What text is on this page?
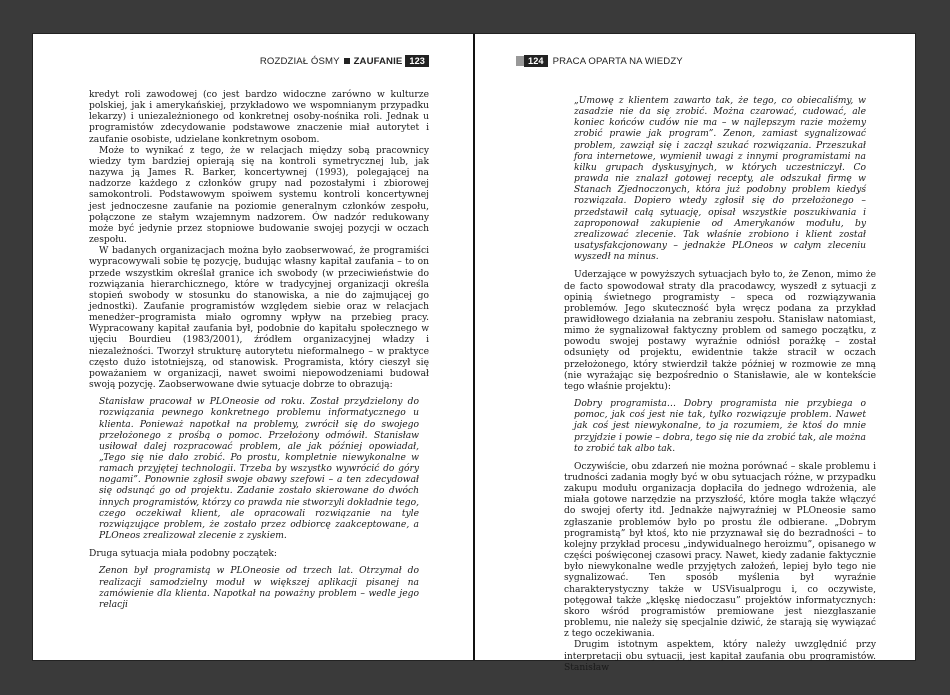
ROZDZIAŁ ÓSMY ZAUFANIE 123

kredyt roli zawodowej (co jest bardzo widoczne zarówno w kulturze polskiej, jak i amerykańskiej, przykładowo we wspomnianym przypadku lekarzy) i uniezależnionego od konkretnej osoby-nośnika roli. Jednak u programistów zdecydowanie podstawowe znaczenie miał autorytet i zaufanie osobiste, udzielane konkretnym osobom.

Może to wynikać z tego, że w relacjach między sobą pracownicy wiedzy tym bardziej opierają się na kontroli symetrycznej lub, jak nazywa ją James R. Barker, koncertywnej (1993), polegającej na nadzorze każdego z członków grupy nad pozostałymi i zbiorowej samokontroli. Podstawowym spoiwem systemu kontroli koncertywnej jest jednoczesne zaufanie na poziomie generalnym członków zespołu, połączone ze stałym wzajemnym nadzorem. Ów nadzór redukowany może być jedynie przez stopniowe budowanie swojej pozycji w oczach zespołu.

W badanych organizacjach można było zaobserwować, że programiści wypracowywali sobie tę pozycję, budując własny kapitał zaufania – to on przede wszystkim określał granice ich swobody (w przeciwieństwie do rozwiązania hierarchicznego, które w tradycyjnej organizacji określa stopień swobody w stosunku do stanowiska, a nie do zajmującej go jednostki). Zaufanie programistów względem siebie oraz w relacjach menedżer–programista miało ogromny wpływ na przebieg pracy. Wypracowany kapitał zaufania był, podobnie do kapitału społecznego w ujęciu Bourdieu (1983/2001), źródłem organizacyjnej władzy i niezależności. Tworzył strukturę autorytetu nieformalnego – w praktyce często dużo istotniejszą, od stanowisk. Programista, który cieszył się poważaniem w organizacji, nawet swoimi niepowodzeniami budował swoją pozycję. Zaobserwowane dwie sytuacje dobrze to obrazują:

Stanisław pracował w PLOneosie od roku. Został przydzielony do rozwiązania pewnego konkretnego problemu informatycznego u klienta. Ponieważ napotkał na problemy, zwrócił się do swojego przełożonego z prośbą o pomoc. Przełożony odmówił. Stanisław usiłował dalej rozpracować problem, ale jak później opowiadał, „Tego się nie dało zrobić. Po prostu, kompletnie niewykonalne w ramach przyjętej technologii. Trzeba by wszystko wywrócić do góry nogami”. Ponownie zgłosił swoje obawy szefowi – a ten zdecydował się odsunąć go od projektu. Zadanie zostało skierowane do dwóch innych programistów, którzy co prawda nie stworzyli dokładnie tego, czego oczekiwał klient, ale opracowali rozwiązanie na tyle rozwiązujące problem, że zostało przez odbiorcę zaakceptowane, a PLOneos zrealizował zlecenie z zyskiem.

Druga sytuacja miała podobny początek:

Zenon był programistą w PLOneosie od trzech lat. Otrzymał do realizacji samodzielny moduł w większej aplikacji pisanej na zamówienie dla klienta. Napotkał na poważny problem – wedle jego relacji

124 PRACA OPARTA NA WIEDZY

„Umowę z klientem zawarto tak, że tego, co obiecaliśmy, w zasadzie nie da się zrobić. Można czarować, cudować, ale koniec końców cudów nie ma – w najlepszym razie możemy zrobić prawie jak program”. Zenon, zamiast sygnalizować problem, zawziął się i zaczął szukać rozwiązania. Przeszukał fora internetowe, wymienił uwagi z innymi programistami na kilku grupach dyskusyjnych, w których uczestniczył. Co prawda nie znalazł gotowej recepty, ale odszukał firmę w Stanach Zjednoczonych, która już podobny problem kiedyś rozwiązała. Dopiero wtedy zgłosił się do przełożonego – przedstawił całą sytuację, opisał wszystkie poszukiwania i zaproponował zakupienie od Amerykanów modułu, by zrealizować zlecenie. Tak właśnie zrobiono i klient został usatysfakcjonowany – jednakże PLOneos w całym zleceniu wyszedł na minus.

Uderzające w powyższych sytuacjach było to, że Zenon, mimo że de facto spowodował straty dla pracodawcy, wyszedł z sytuacji z opinią świetnego programisty – speca od rozwiązywania problemów. Jego skuteczność była wręcz podana za przykład prawidłowego działania na zebraniu zespołu. Stanisław natomiast, mimo że sygnalizował faktyczny problem od samego początku, z powodu swojej postawy wyraźnie odniósł porażkę – został odsunięty od projektu, ewidentnie także stracił w oczach przełożonego, który stwierdził także później w rozmowie ze mną (nie wyrażając się bezpośrednio o Stanisławie, ale w kontekście tego właśnie projektu):

Dobry programista… Dobry programista nie przybiega o pomoc, jak coś jest nie tak, tylko rozwiązuje problem. Nawet jak coś jest niewykonalne, to ja rozumiem, że ktoś do mnie przyjdzie i powie – dobra, tego się nie da zrobić tak, ale można to zrobić tak albo tak.

Oczywiście, obu zdarzeń nie można porównać – skale problemu i trudności zadania mogły być w obu sytuacjach różne, w przypadku zakupu modułu organizacja dopłaciła do jednego wdrożenia, ale miała gotowe narzędzie na przyszłość, które mogła także włączyć do swojej oferty itd. Jednakże najwyraźniej w PLOneosie samo zgłaszanie problemów było po prostu źle odbierane. „Dobrym programistą” był ktoś, kto nie przyznawał się do bezradności – to kolejny przykład procesu „indywidualnego heroizmu”, opisanego w części poświęconej czasowi pracy. Nawet, kiedy zadanie faktycznie było niewykonalne wedle przyjętych założeń, lepiej było tego nie sygnalizować. Ten sposób myślenia był wyraźnie charakterystyczny także w USVisualprogu i, co oczywiste, potęgował także „klęskę niedoczasu” projektów informatycznych: skoro wśród programistów premiowane jest niezgłaszanie problemu, nie należy się specjalnie dziwić, że starają się wywiązać z tego oczekiwania.

Drugim istotnym aspektem, który należy uwzględnić przy interpretacji obu sytuacji, jest kapitał zaufania obu programistów. Stanisław
